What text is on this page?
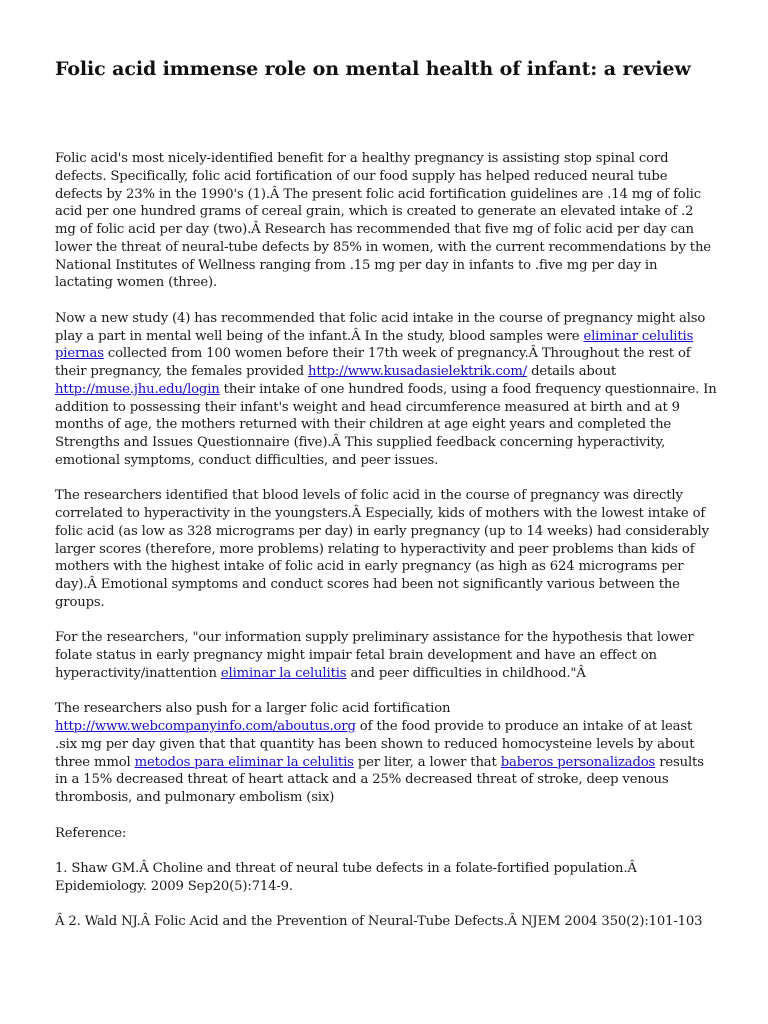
Folic acid immense role on mental health of infant: a review

Folic acid's most nicely-identified benefit for a healthy pregnancy is assisting stop spinal cord defects. Specifically, folic acid fortification of our food supply has helped reduced neural tube defects by 23% in the 1990's (1).Â The present folic acid fortification guidelines are .14 mg of folic acid per one hundred grams of cereal grain, which is created to generate an elevated intake of .2 mg of folic acid per day (two).Â Research has recommended that five mg of folic acid per day can lower the threat of neural-tube defects by 85% in women, with the current recommendations by the National Institutes of Wellness ranging from .15 mg per day in infants to .five mg per day in lactating women (three).

Now a new study (4) has recommended that folic acid intake in the course of pregnancy might also play a part in mental well being of the infant.Â In the study, blood samples were eliminar celulitis piernas collected from 100 women before their 17th week of pregnancy.Â Throughout the rest of their pregnancy, the females provided http://www.kusadasielektrik.com/ details about http://muse.jhu.edu/login their intake of one hundred foods, using a food frequency questionnaire. In addition to possessing their infant's weight and head circumference measured at birth and at 9 months of age, the mothers returned with their children at age eight years and completed the Strengths and Issues Questionnaire (five).Â This supplied feedback concerning hyperactivity, emotional symptoms, conduct difficulties, and peer issues.

The researchers identified that blood levels of folic acid in the course of pregnancy was directly correlated to hyperactivity in the youngsters.Â Especially, kids of mothers with the lowest intake of folic acid (as low as 328 micrograms per day) in early pregnancy (up to 14 weeks) had considerably larger scores (therefore, more problems) relating to hyperactivity and peer problems than kids of mothers with the highest intake of folic acid in early pregnancy (as high as 624 micrograms per day).Â Emotional symptoms and conduct scores had been not significantly various between the groups.

For the researchers, "our information supply preliminary assistance for the hypothesis that lower folate status in early pregnancy might impair fetal brain development and have an effect on hyperactivity/inattention eliminar la celulitis and peer difficulties in childhood."Â

The researchers also push for a larger folic acid fortification http://www.webcompanyinfo.com/aboutus.org of the food provide to produce an intake of at least .six mg per day given that that quantity has been shown to reduced homocysteine levels by about three mmol metodos para eliminar la celulitis per liter, a lower that baberos personalizados results in a 15% decreased threat of heart attack and a 25% decreased threat of stroke, deep venous thrombosis, and pulmonary embolism (six)

Reference:

1. Shaw GM.Â Choline and threat of neural tube defects in a folate-fortified population.Â Epidemiology. 2009 Sep20(5):714-9.

Â 2. Wald NJ.Â Folic Acid and the Prevention of Neural-Tube Defects.Â NJEM 2004 350(2):101-103
